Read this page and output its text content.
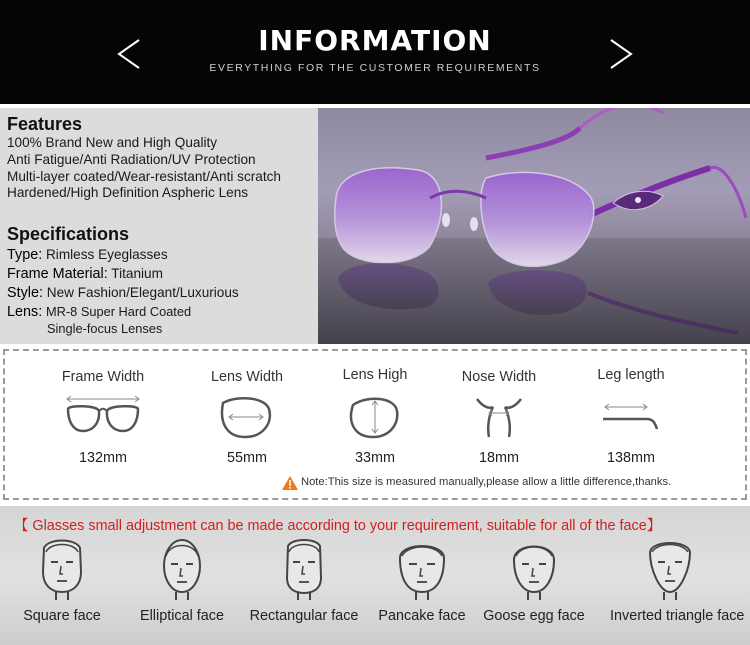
INFORMATION
EVERYTHING FOR THE CUSTOMER REQUIREMENTS
Features
100% Brand New and High Quality
Anti Fatigue/Anti Radiation/UV Protection
Multi-layer coated/Wear-resistant/Anti scratch
Hardened/High Definition Aspheric Lens
Specifications
Type: Rimless Eyeglasses
Frame Material: Titanium
Style: New Fashion/Elegant/Luxurious
Lens: MR-8 Super Hard Coated
Single-focus Lenses
Frame Width
132mm
Lens Width
55mm
Lens High
33mm
Nose Width
18mm
Leg length
138mm
Note:This size is measured manually,please allow a little difference,thanks.
【 Glasses small adjustment can be made according to your requirement, suitable for all of the face】
Square face	Elliptical face	Rectangular face	Pancake face	Goose egg face	Inverted triangle face
